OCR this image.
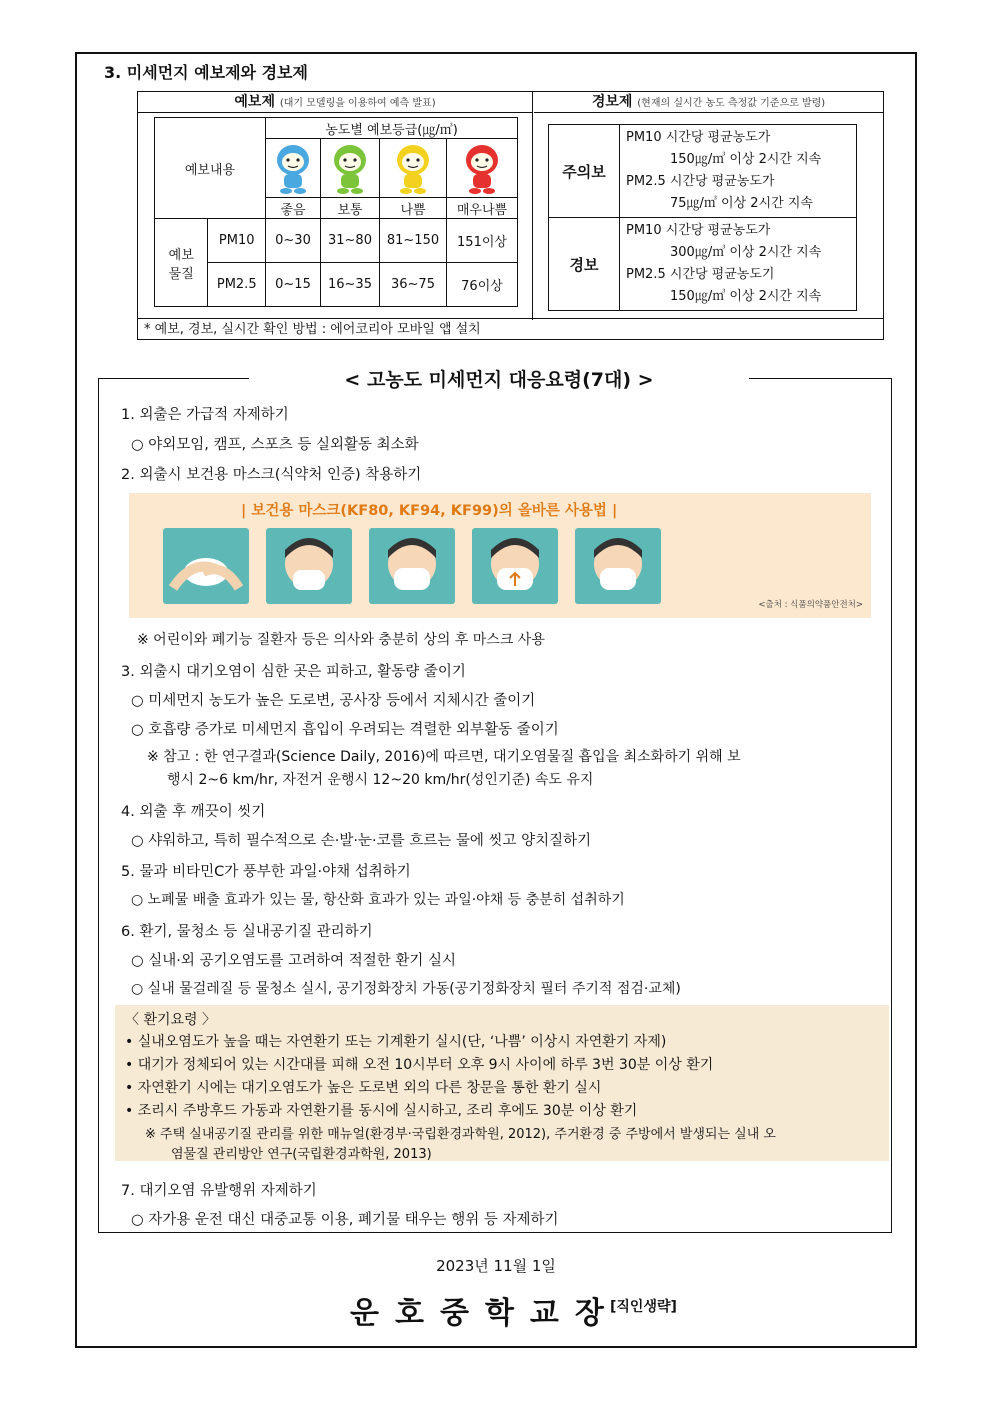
3. 미세먼지 예보제와 경보제
예보제 (대기 모델링을 이용하여 예측 발표)
예보내용		농도별 예보등급(㎍/㎥)			

		좋음	보통	나쁨	매우나쁨
예보
물질	PM10	0~30	31~80	81~150	151이상
	PM2.5	0~15	16~35	36~75	76이상
경보제 (현재의 실시간 농도 측정값 기준으로 발령)
주의보	PM10 시간당 평균농도가
150㎍/㎥ 이상 2시간 지속
PM2.5 시간당 평균농도가
75㎍/㎥ 이상 2시간 지속

경보	PM10 시간당 평균농도가
300㎍/㎥ 이상 2시간 지속
PM2.5 시간당 평균농도기
150㎍/㎥ 이상 2시간 지속
* 예보, 경보, 실시간 확인 방법 : 에어코리아 모바일 앱 설치
< 고농도 미세먼지 대응요령(7대) >
1. 외출은 가급적 자제하기
○ 야외모임, 캠프, 스포츠 등 실외활동 최소화
2. 외출시 보건용 마스크(식약처 인증) 착용하기
| 보건용 마스크(KF80, KF94, KF99)의 올바른 사용법 |
<출처 : 식품의약품안전처>
※ 어린이와 폐기능 질환자 등은 의사와 충분히 상의 후 마스크 사용
3. 외출시 대기오염이 심한 곳은 피하고, 활동량 줄이기
○ 미세먼지 농도가 높은 도로변, 공사장 등에서 지체시간 줄이기
○ 호흡량 증가로 미세먼지 흡입이 우려되는 격렬한 외부활동 줄이기
※ 참고 : 한 연구결과(Science Daily, 2016)에 따르면, 대기오염물질 흡입을 최소화하기 위해 보
행시 2~6 km/hr, 자전거 운행시 12~20 km/hr(성인기준) 속도 유지
4. 외출 후 깨끗이 씻기
○ 샤워하고, 특히 필수적으로 손·발·눈·코를 흐르는 물에 씻고 양치질하기
5. 물과 비타민C가 풍부한 과일·야채 섭취하기
○ 노폐물 배출 효과가 있는 물, 항산화 효과가 있는 과일·야채 등 충분히 섭취하기
6. 환기, 물청소 등 실내공기질 관리하기
○ 실내·외 공기오염도를 고려하여 적절한 환기 실시
○ 실내 물걸레질 등 물청소 실시, 공기정화장치 가동(공기정화장치 필터 주기적 점검·교체)
〈 환기요령 〉
• 실내오염도가 높을 때는 자연환기 또는 기계환기 실시(단, ‘나쁨’ 이상시 자연환기 자제)
• 대기가 정체되어 있는 시간대를 피해 오전 10시부터 오후 9시 사이에 하루 3번 30분 이상 환기
• 자연환기 시에는 대기오염도가 높은 도로변 외의 다른 창문을 통한 환기 실시
• 조리시 주방후드 가동과 자연환기를 동시에 실시하고, 조리 후에도 30분 이상 환기
※ 주택 실내공기질 관리를 위한 매뉴얼(환경부·국립환경과학원, 2012), 주거환경 중 주방에서 발생되는 실내 오
염물질 관리방안 연구(국립환경과학원, 2013)
7. 대기오염 유발행위 자제하기
○ 자가용 운전 대신 대중교통 이용, 폐기물 태우는 행위 등 자제하기
2023년 11월 1일
운호중학교장
[직인생략]
